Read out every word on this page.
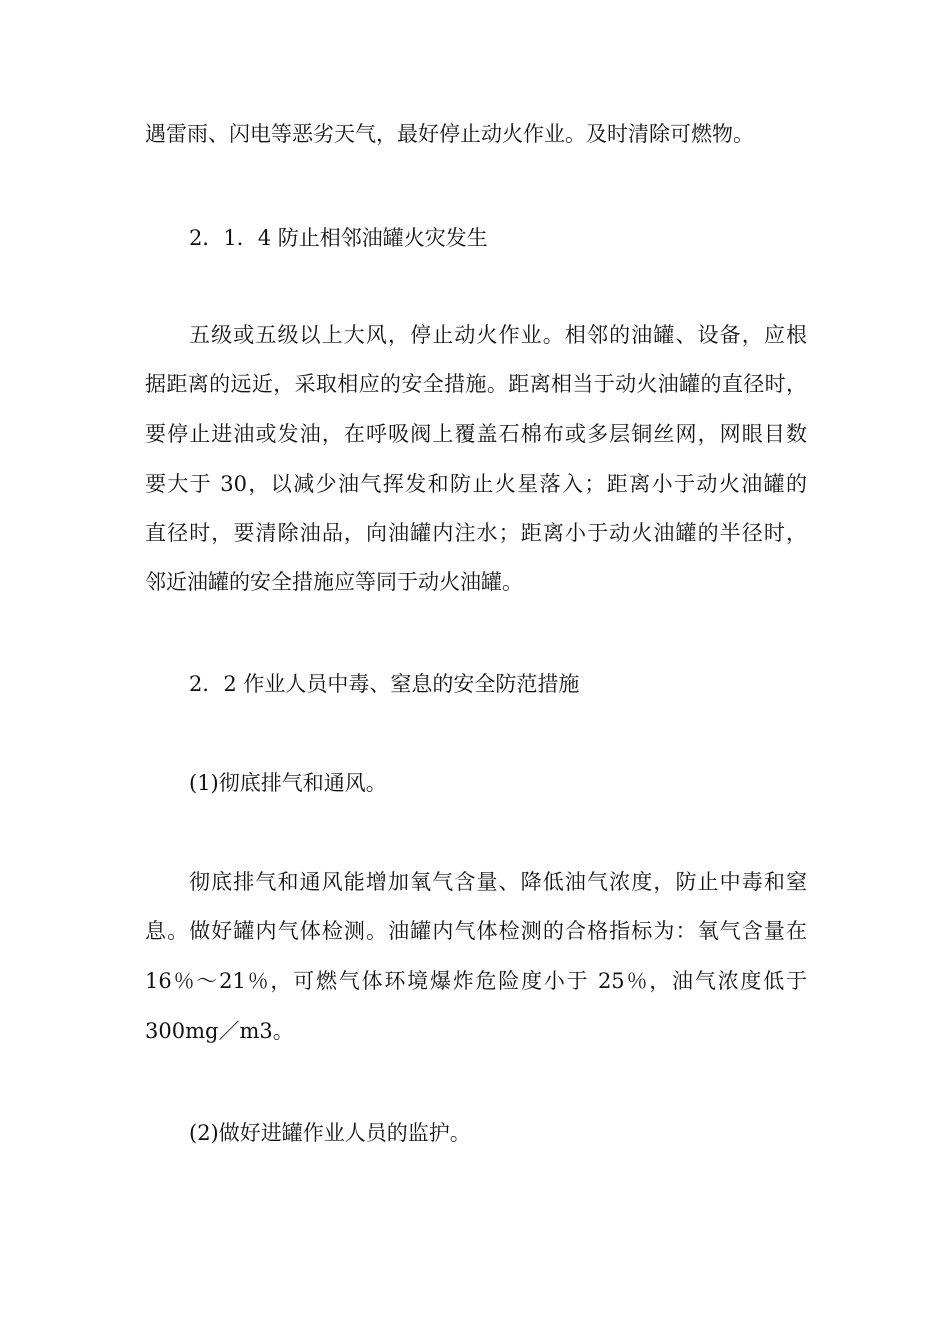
遇雷雨、闪电等恶劣天气，最好停止动火作业。及时清除可燃物。
2．1．4 防止相邻油罐火灾发生
五级或五级以上大风，停止动火作业。相邻的油罐、设备，应根
据距离的远近，采取相应的安全措施。距离相当于动火油罐的直径时，
要停止进油或发油，在呼吸阀上覆盖石棉布或多层铜丝网，网眼目数
要大于 30，以减少油气挥发和防止火星落入；距离小于动火油罐的
直径时，要清除油品，向油罐内注水；距离小于动火油罐的半径时，
邻近油罐的安全措施应等同于动火油罐。
2．2 作业人员中毒、窒息的安全防范措施
(1)彻底排气和通风。
彻底排气和通风能增加氧气含量、降低油气浓度，防止中毒和窒
息。做好罐内气体检测。油罐内气体检测的合格指标为：氧气含量在
16％～21％，可燃气体环境爆炸危险度小于 25％，油气浓度低于
300mg／m3。
(2)做好进罐作业人员的监护。
